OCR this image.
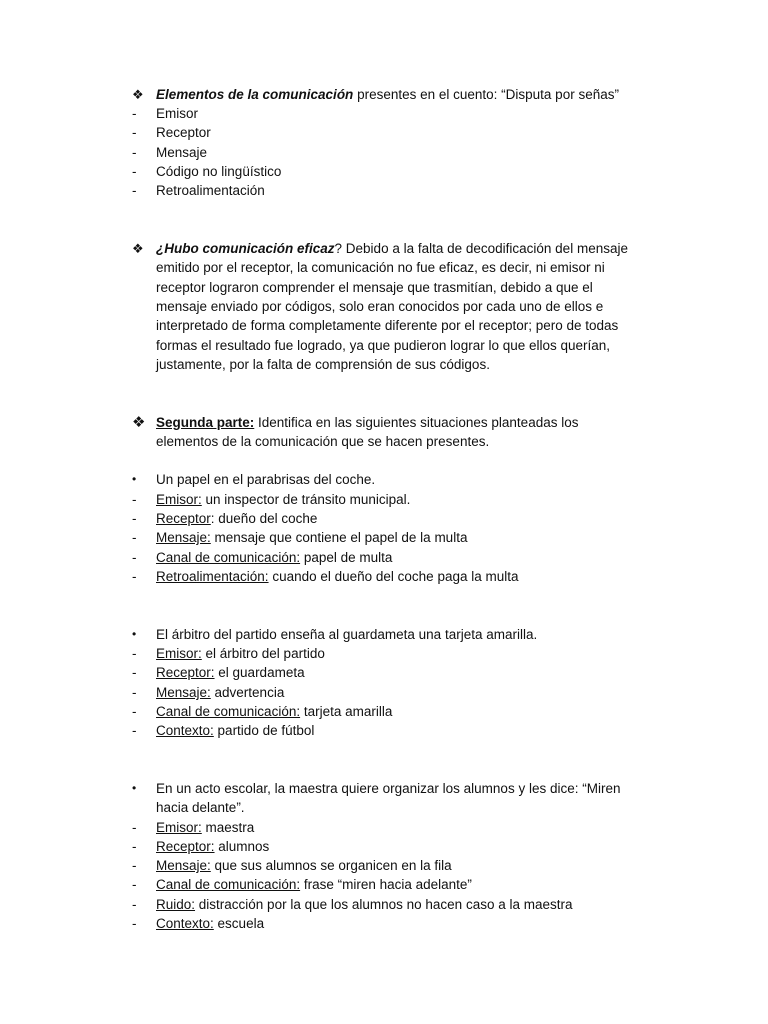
❖ Elementos de la comunicación presentes en el cuento: “Disputa por señas”
- Emisor
- Receptor
- Mensaje
- Código no lingüístico
- Retroalimentación
❖ ¿Hubo comunicación eficaz? Debido a la falta de decodificación del mensaje
emitido por el receptor, la comunicación no fue eficaz, es decir, ni emisor ni
receptor lograron comprender el mensaje que trasmitían, debido a que el
mensaje enviado por códigos, solo eran conocidos por cada uno de ellos e
interpretado de forma completamente diferente por el receptor; pero de todas
formas el resultado fue logrado, ya que pudieron lograr lo que ellos querían,
justamente, por la falta de comprensión de sus códigos.
❖ Segunda parte: Identifica en las siguientes situaciones planteadas los
elementos de la comunicación que se hacen presentes.
•	Un papel en el parabrisas del coche.
- Emisor: un inspector de tránsito municipal.
- Receptor: dueño del coche
- Mensaje: mensaje que contiene el papel de la multa
- Canal de comunicación: papel de multa
- Retroalimentación: cuando el dueño del coche paga la multa
•	El árbitro del partido enseña al guardameta una tarjeta amarilla.
- Emisor: el árbitro del partido
- Receptor: el guardameta
- Mensaje: advertencia
- Canal de comunicación: tarjeta amarilla
- Contexto: partido de fútbol
•	En un acto escolar, la maestra quiere organizar los alumnos y les dice: “Miren
hacia delante”.
- Emisor: maestra
- Receptor: alumnos
- Mensaje: que sus alumnos se organicen en la fila
- Canal de comunicación: frase “miren hacia adelante”
- Ruido: distracción por la que los alumnos no hacen caso a la maestra
- Contexto: escuela
